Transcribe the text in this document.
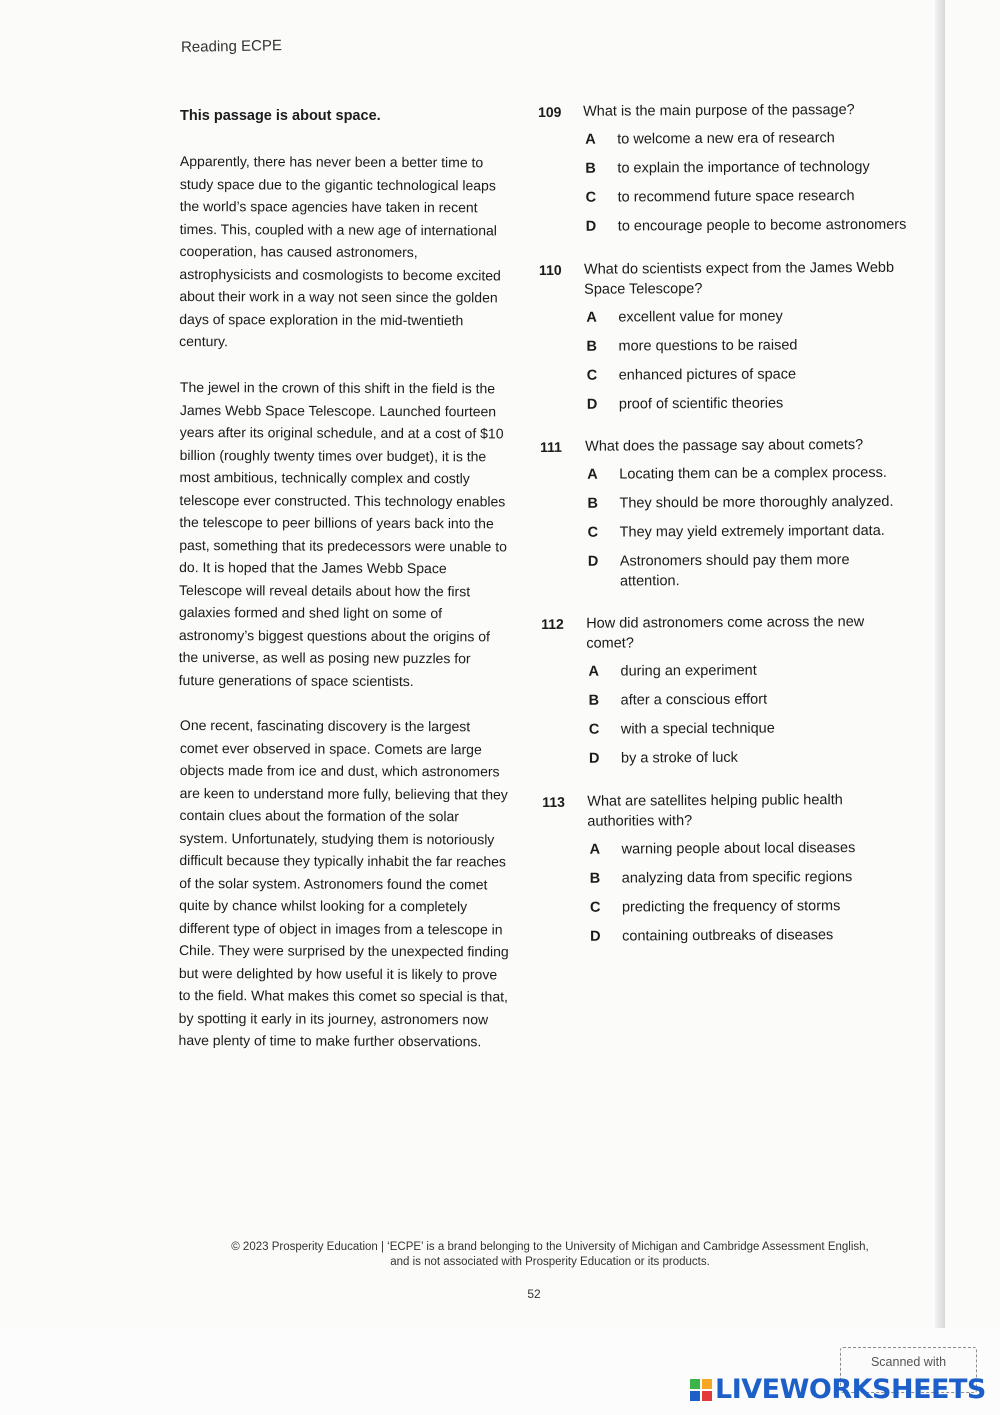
Reading ECPE

This passage is about space.

Apparently, there has never been a better time to study space due to the gigantic technological leaps the world’s space agencies have taken in recent times. This, coupled with a new age of international cooperation, has caused astronomers, astrophysicists and cosmologists to become excited about their work in a way not seen since the golden days of space exploration in the mid-twentieth century.

The jewel in the crown of this shift in the field is the James Webb Space Telescope. Launched fourteen years after its original schedule, and at a cost of $10 billion (roughly twenty times over budget), it is the most ambitious, technically complex and costly telescope ever constructed. This technology enables the telescope to peer billions of years back into the past, something that its predecessors were unable to do. It is hoped that the James Webb Space Telescope will reveal details about how the first galaxies formed and shed light on some of astronomy’s biggest questions about the origins of the universe, as well as posing new puzzles for future generations of space scientists.

One recent, fascinating discovery is the largest comet ever observed in space. Comets are large objects made from ice and dust, which astronomers are keen to understand more fully, believing that they contain clues about the formation of the solar system. Unfortunately, studying them is notoriously difficult because they typically inhabit the far reaches of the solar system. Astronomers found the comet quite by chance whilst looking for a completely different type of object in images from a telescope in Chile. They were surprised by the unexpected finding but were delighted by how useful it is likely to prove to the field. What makes this comet so special is that, by spotting it early in its journey, astronomers now have plenty of time to make further observations.

109	What is the main purpose of the passage?
A	to welcome a new era of research
B	to explain the importance of technology
C	to recommend future space research
D	to encourage people to become astronomers
110	What do scientists expect from the James Webb Space Telescope?
A	excellent value for money
B	more questions to be raised
C	enhanced pictures of space
D	proof of scientific theories
111	What does the passage say about comets?
A	Locating them can be a complex process.
B	They should be more thoroughly analyzed.
C	They may yield extremely important data.
D	Astronomers should pay them more attention.
112	How did astronomers come across the new comet?
A	during an experiment
B	after a conscious effort
C	with a special technique
D	by a stroke of luck
113	What are satellites helping public health authorities with?
A	warning people about local diseases
B	analyzing data from specific regions
C	predicting the frequency of storms
D	containing outbreaks of diseases
© 2023 Prosperity Education | ‘ECPE’ is a brand belonging to the University of Michigan and Cambridge Assessment English,
and is not associated with Prosperity Education or its products.
52
Scanned with
LIVEWORKSHEETS
